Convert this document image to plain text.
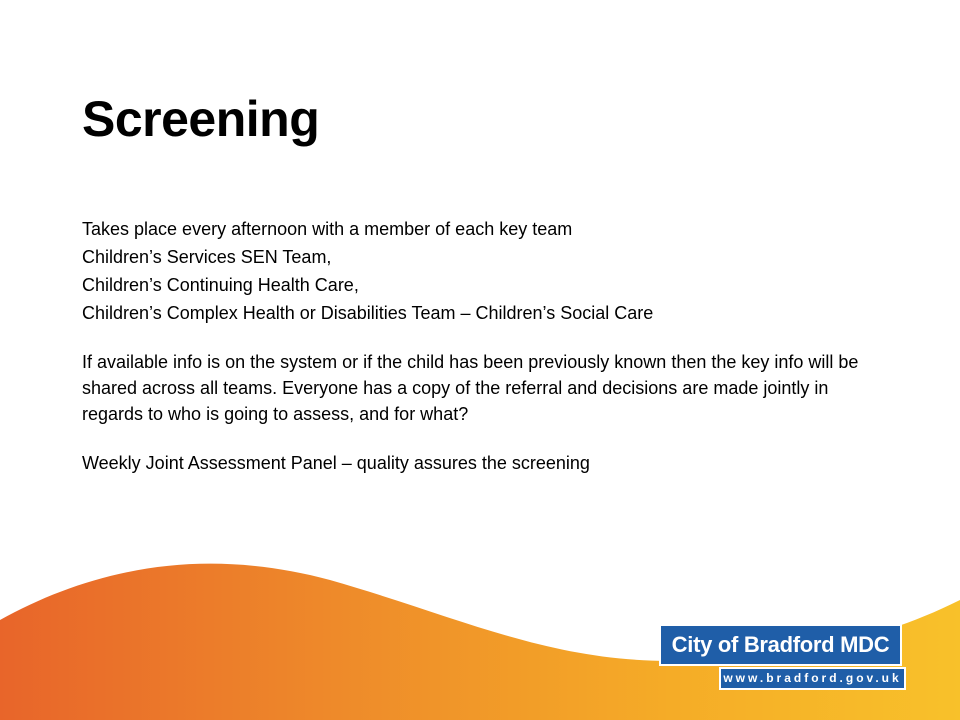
Screening

Takes place every afternoon with a member of each key team

Children’s Services SEN Team,

Children’s Continuing Health Care,

Children’s Complex Health or Disabilities Team – Children’s Social Care

If available info is on the system or if the child has been previously known then the key info will be shared across all teams. Everyone has a copy of the referral and decisions are made jointly in regards to who is going to assess, and for what?

Weekly Joint Assessment Panel – quality assures the screening

City of Bradford MDC
www.bradford.gov.uk
